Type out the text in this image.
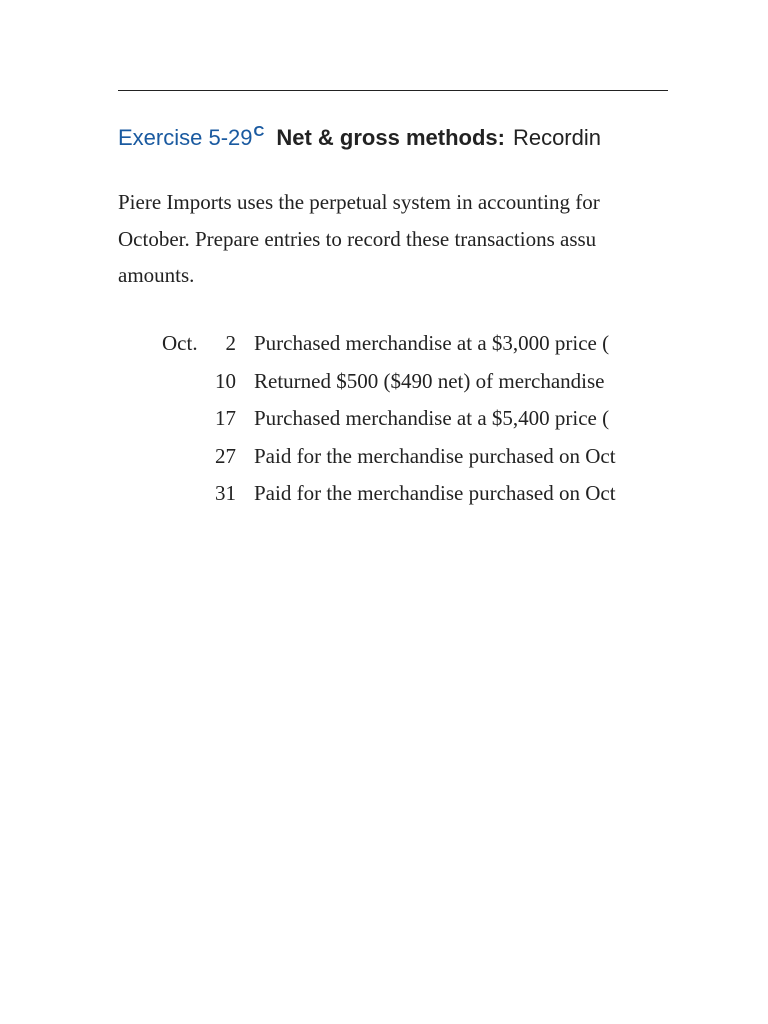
Exercise $5-29^C$ Net & gross methods: Recordin
Piere Imports uses the perpetual system in accounting for
October. Prepare entries to record these transactions assu
amounts.
Oct.	2 Purchased merchandise at a $3,000 price ( 
10 Returned $500 ($490 net) of merchandise
17 Purchased merchandise at a $5,400 price ( 
27 Paid for the merchandise purchased on Oct
31 Paid for the merchandise purchased on Oct
